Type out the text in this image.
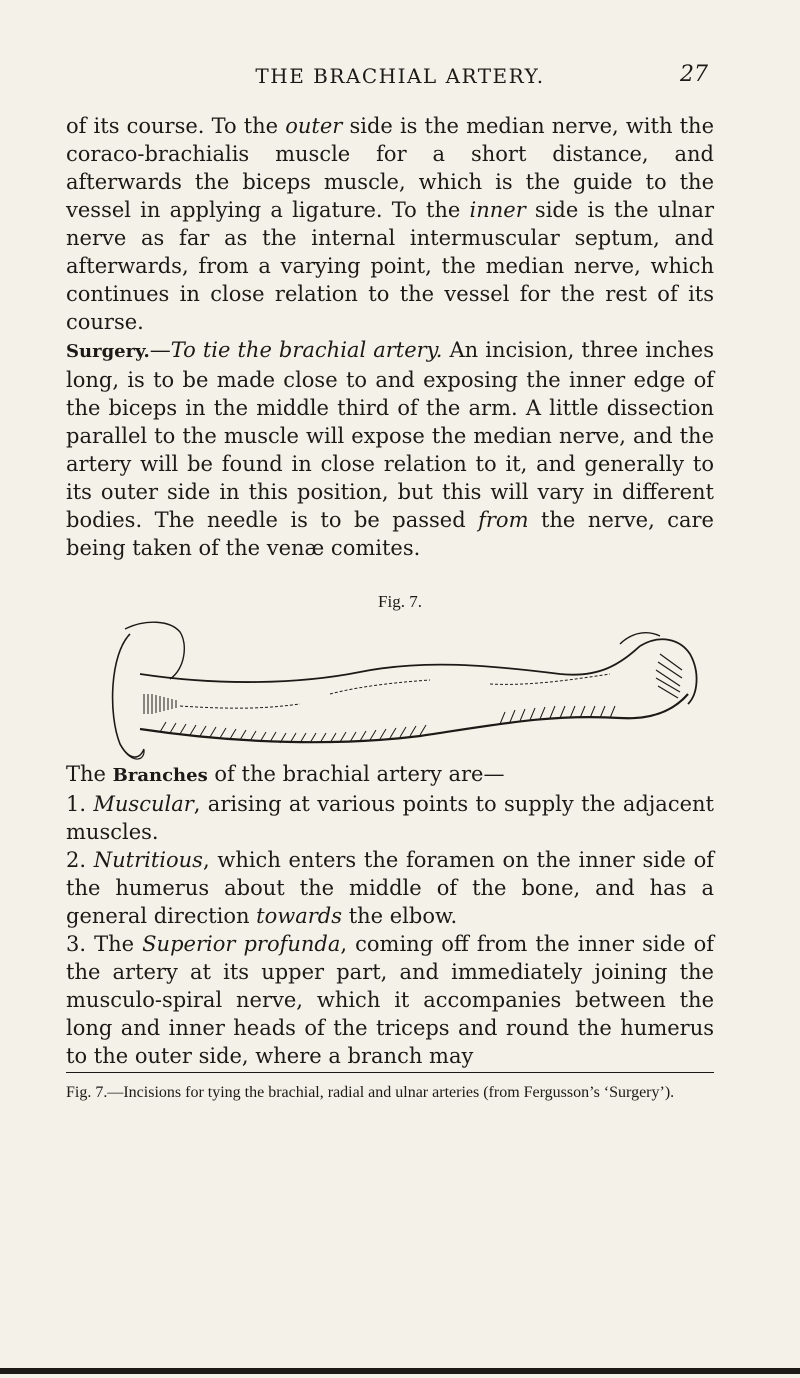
THE BRACHIAL ARTERY.	27

of its course. To the outer side is the median nerve, with the coraco-brachialis muscle for a short distance, and afterwards the biceps muscle, which is the guide to the vessel in applying a ligature. To the inner side is the ulnar nerve as far as the internal intermuscular septum, and afterwards, from a varying point, the median nerve, which continues in close relation to the vessel for the rest of its course.

Surgery.—To tie the brachial artery. An incision, three inches long, is to be made close to and exposing the inner edge of the biceps in the middle third of the arm. A little dissection parallel to the muscle will expose the median nerve, and the artery will be found in close relation to it, and generally to its outer side in this position, but this will vary in different bodies. The needle is to be passed from the nerve, care being taken of the venæ comites.

Fig. 7.

The Branches of the brachial artery are—

1. Muscular, arising at various points to supply the adjacent muscles.

2. Nutritious, which enters the foramen on the inner side of the humerus about the middle of the bone, and has a general direction towards the elbow.

3. The Superior profunda, coming off from the inner side of the artery at its upper part, and immediately joining the musculo-spiral nerve, which it accompanies between the long and inner heads of the triceps and round the humerus to the outer side, where a branch may

Fig. 7.—Incisions for tying the brachial, radial and ulnar arteries (from Fergusson’s ‘Surgery’).
